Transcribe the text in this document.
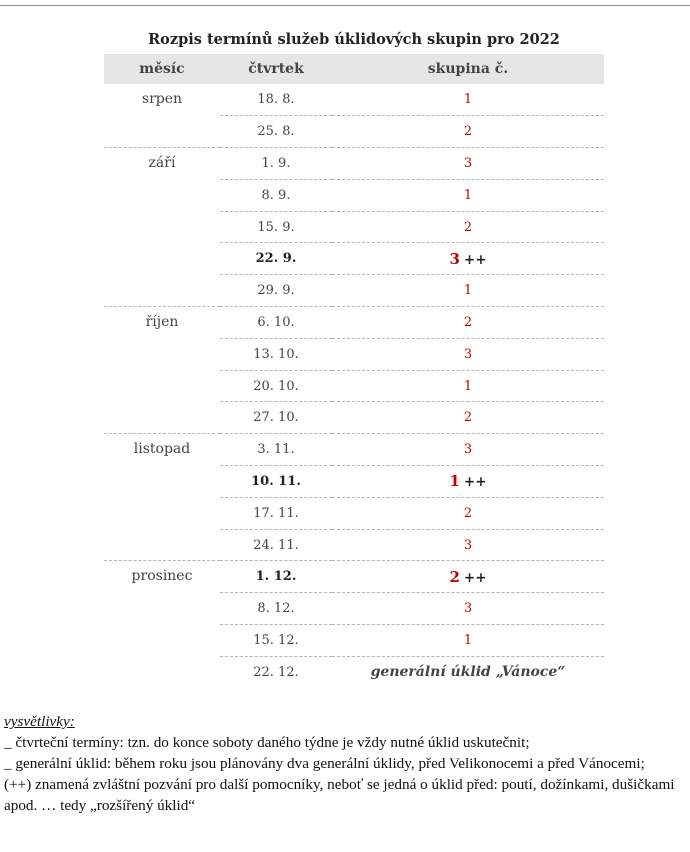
Rozpis termínů služeb úklidových skupin pro 2022
měsíc	čtvrtek	skupina č.
srpen	18. 8.	1
	25. 8.	2
září	1. 9.	3
	8. 9.	1
	15. 9.	2
	22. 9.	3 ++
	29. 9.	1
říjen	6. 10.	2
	13. 10.	3
	20. 10.	1
	27. 10.	2
listopad	3. 11.	3
	10. 11.	1 ++
	17. 11.	2
	24. 11.	3
prosinec	1. 12.	2 ++
	8. 12.	3
	15. 12.	1
	22. 12.	generální úklid „Vánoce“

vysvětlivky:

_ čtvrteční termíny: tzn. do konce soboty daného týdne je vždy nutné úklid uskutečnit;

_ generální úklid: během roku jsou plánovány dva generální úklidy, před Velikonocemi a před Vánocemi;

(++) znamená zvláštní pozvání pro další pomocníky, neboť se jedná o úklid před: poutí, dožínkami, dušičkami apod. … tedy „rozšířený úklid“
